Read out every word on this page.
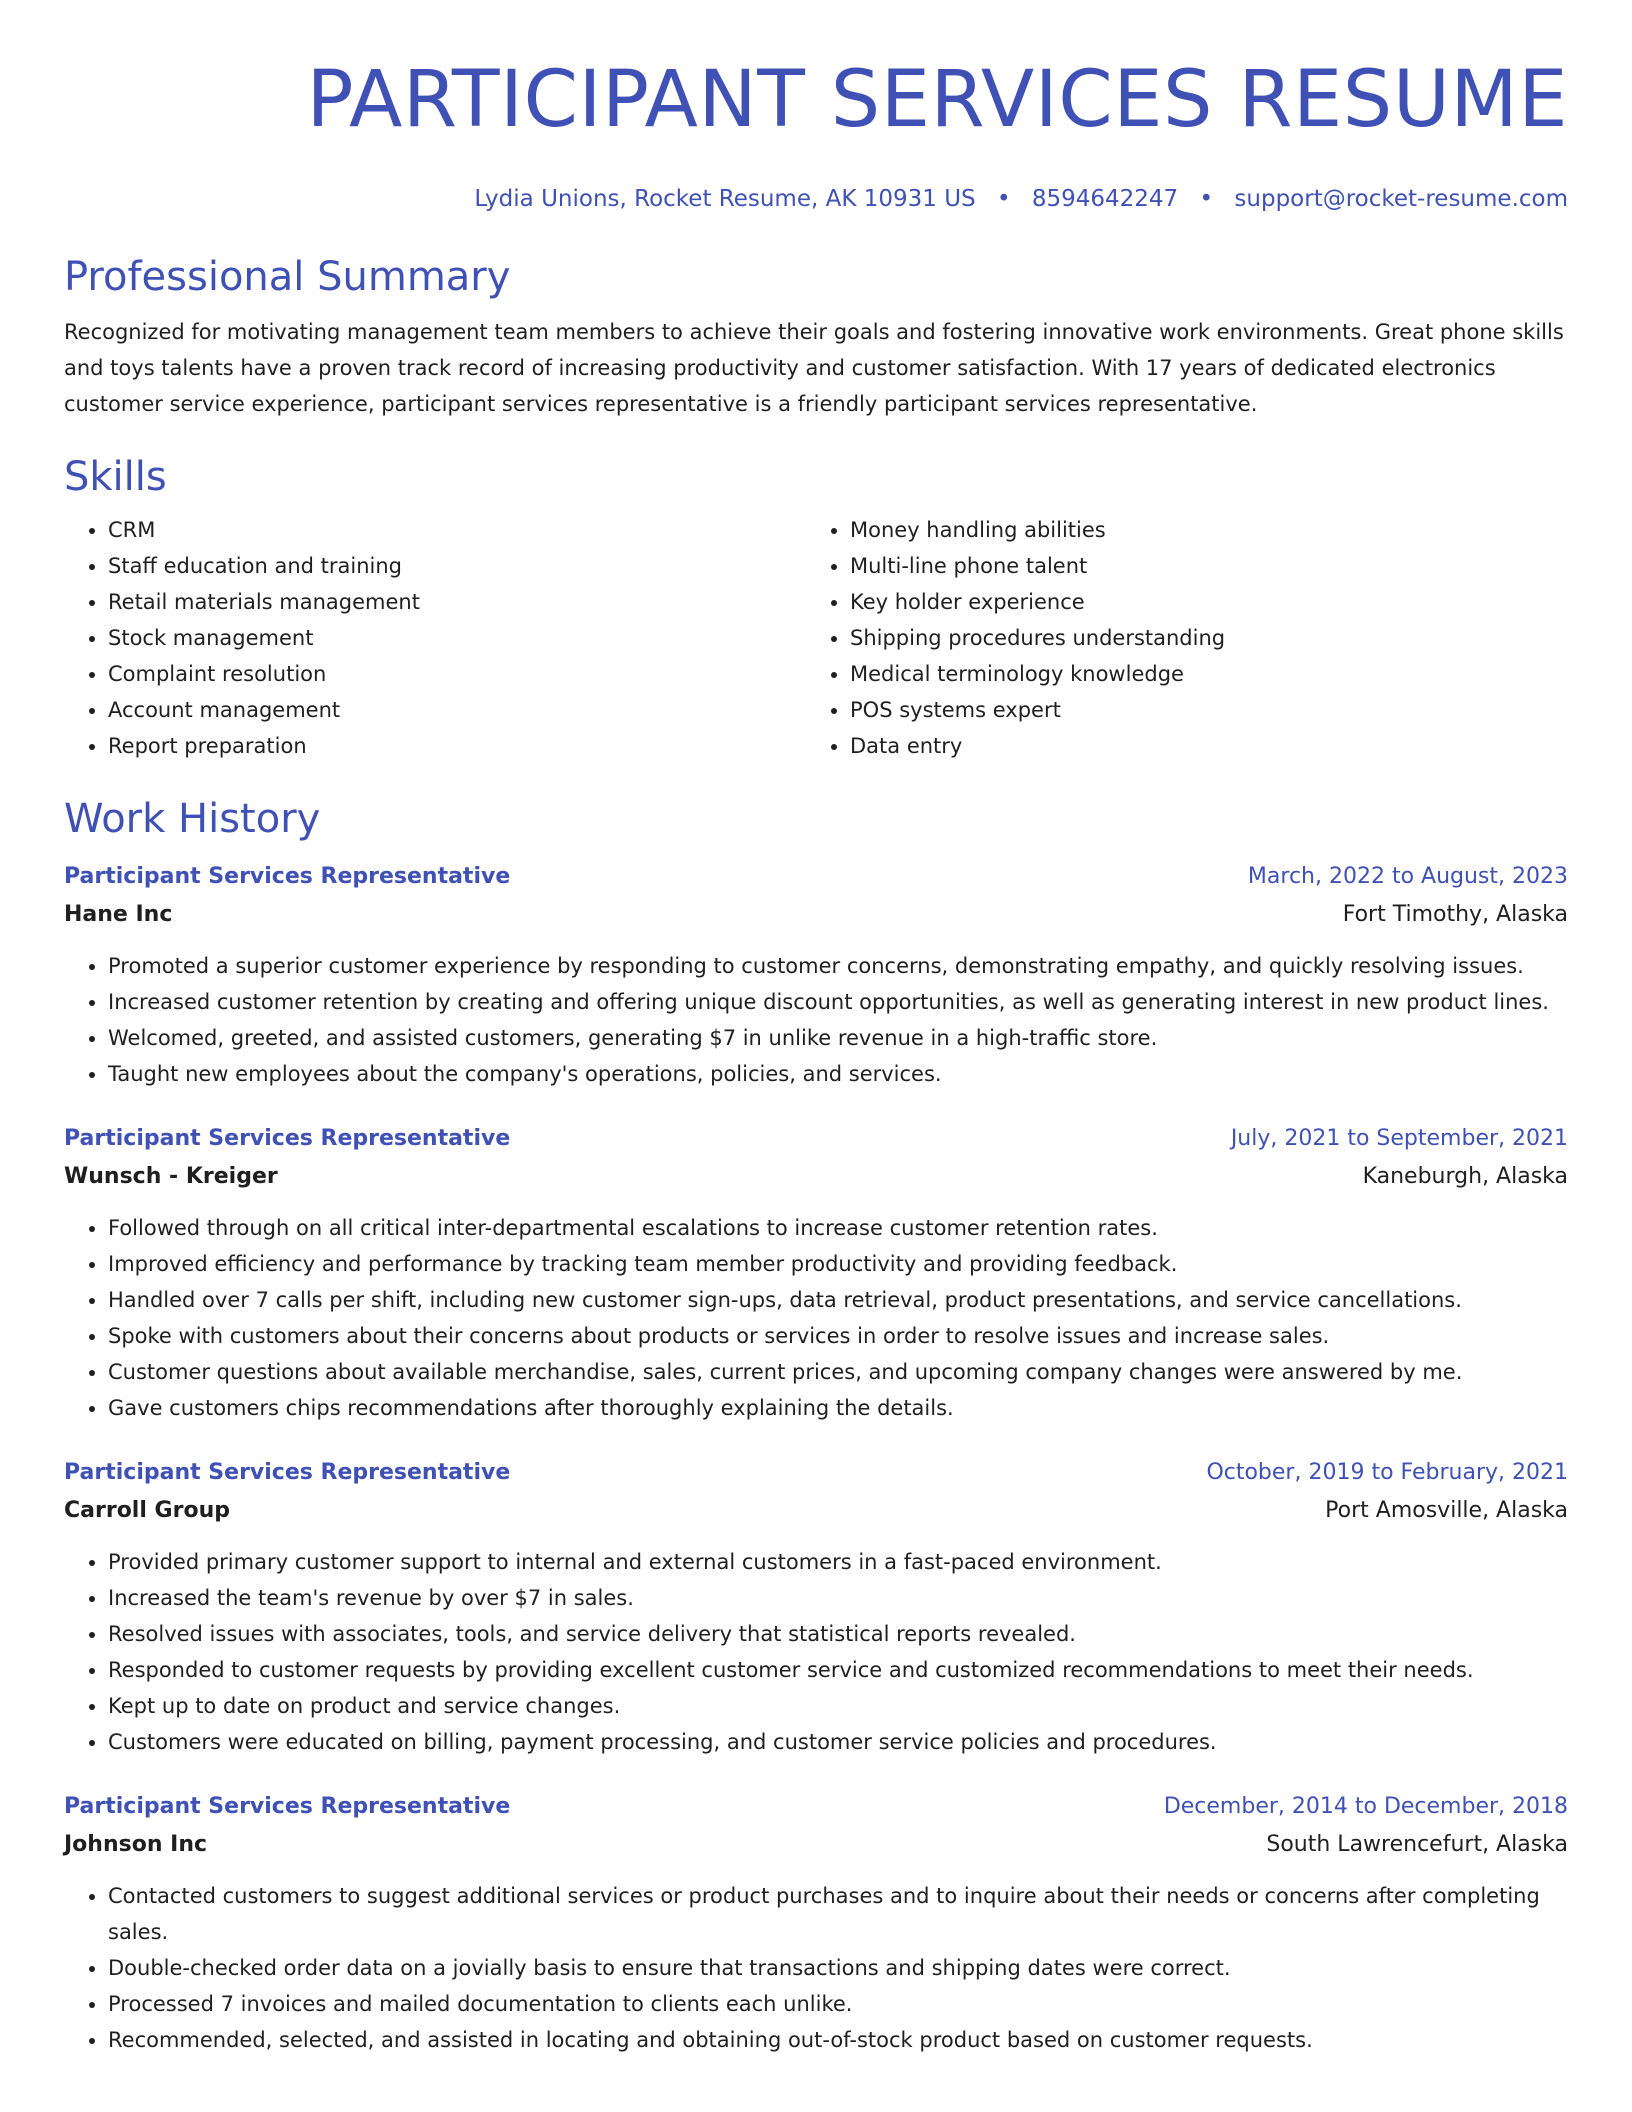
PARTICIPANT SERVICES RESUME
Lydia Unions, Rocket Resume, AK 10931 US • 8594642247 • support@rocket-resume.com
Professional Summary
Recognized for motivating management team members to achieve their goals and fostering innovative work environments. Great phone skills and toys talents have a proven track record of increasing productivity and customer satisfaction. With 17 years of dedicated electronics customer service experience, participant services representative is a friendly participant services representative.
Skills
• CRM
• Staff education and training
• Retail materials management
• Stock management
• Complaint resolution
• Account management
• Report preparation
• Money handling abilities
• Multi-line phone talent
• Key holder experience
• Shipping procedures understanding
• Medical terminology knowledge
• POS systems expert
• Data entry
Work History
Participant Services Representative	March, 2022 to August, 2023
Hane Inc	Fort Timothy, Alaska
• Promoted a superior customer experience by responding to customer concerns, demonstrating empathy, and quickly resolving issues.
• Increased customer retention by creating and offering unique discount opportunities, as well as generating interest in new product lines.
• Welcomed, greeted, and assisted customers, generating $7 in unlike revenue in a high-traffic store.
• Taught new employees about the company's operations, policies, and services.
Participant Services Representative	July, 2021 to September, 2021
Wunsch - Kreiger	Kaneburgh, Alaska
• Followed through on all critical inter-departmental escalations to increase customer retention rates.
• Improved efficiency and performance by tracking team member productivity and providing feedback.
• Handled over 7 calls per shift, including new customer sign-ups, data retrieval, product presentations, and service cancellations.
• Spoke with customers about their concerns about products or services in order to resolve issues and increase sales.
• Customer questions about available merchandise, sales, current prices, and upcoming company changes were answered by me.
• Gave customers chips recommendations after thoroughly explaining the details.
Participant Services Representative	October, 2019 to February, 2021
Carroll Group	Port Amosville, Alaska
• Provided primary customer support to internal and external customers in a fast-paced environment.
• Increased the team's revenue by over $7 in sales.
• Resolved issues with associates, tools, and service delivery that statistical reports revealed.
• Responded to customer requests by providing excellent customer service and customized recommendations to meet their needs.
• Kept up to date on product and service changes.
• Customers were educated on billing, payment processing, and customer service policies and procedures.
Participant Services Representative	December, 2014 to December, 2018
Johnson Inc	South Lawrencefurt, Alaska
• Contacted customers to suggest additional services or product purchases and to inquire about their needs or concerns after completing sales.
• Double-checked order data on a jovially basis to ensure that transactions and shipping dates were correct.
• Processed 7 invoices and mailed documentation to clients each unlike.
• Recommended, selected, and assisted in locating and obtaining out-of-stock product based on customer requests.
